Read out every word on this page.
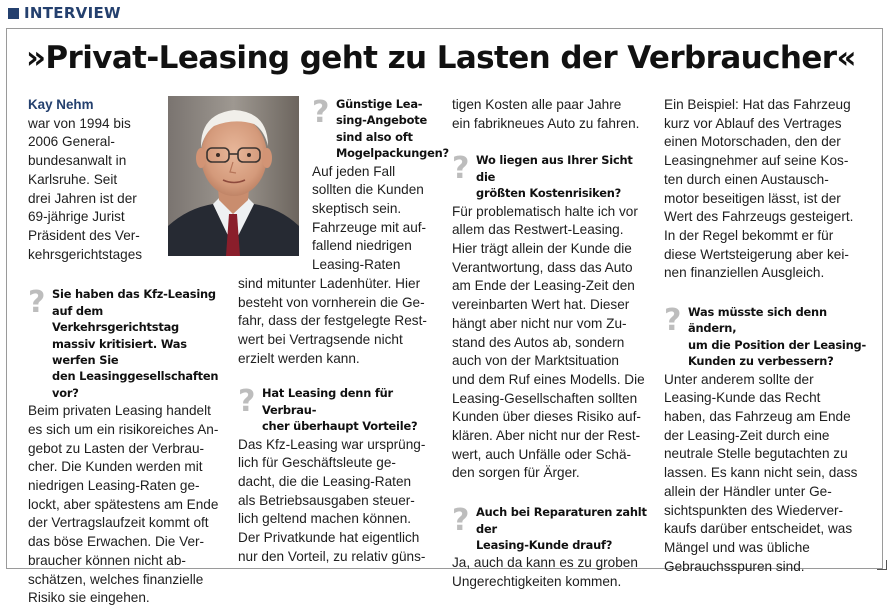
INTERVIEW
»Privat-Leasing geht zu Lasten der Verbraucher«

Kay Nehm

war von 1994 bis
2006 General-
bundesanwalt in
Karlsruhe. Seit
drei Jahren ist der
69-jährige Jurist
Präsident des Ver-
kehrsgerichtstages
? Sie haben das Kfz-Leasing
auf dem Verkehrsgerichtstag
massiv kritisiert. Was werfen Sie
den Leasinggesellschaften vor?
Beim privaten Leasing handelt
es sich um ein risikoreiches An-
gebot zu Lasten der Verbrau-
cher. Die Kunden werden mit
niedrigen Leasing-Raten ge-
lockt, aber spätestens am Ende
der Vertragslaufzeit kommt oft
das böse Erwachen. Die Ver-
braucher können nicht ab-
schätzen, welches finanzielle
Risiko sie eingehen.
? Günstige Lea-
sing-Angebote
sind also oft
Mogelpackungen?
Auf jeden Fall
sollten die Kunden
skeptisch sein.
Fahrzeuge mit auf-
fallend niedrigen
Leasing-Raten
sind mitunter Ladenhüter. Hier
besteht von vornherein die Ge-
fahr, dass der festgelegte Rest-
wert bei Vertragsende nicht
erzielt werden kann.
? Hat Leasing denn für Verbrau-
cher überhaupt Vorteile?
Das Kfz-Leasing war ursprüng-
lich für Geschäftsleute ge-
dacht, die die Leasing-Raten
als Betriebsausgaben steuer-
lich geltend machen können.
Der Privatkunde hat eigentlich
nur den Vorteil, zu relativ güns-
tigen Kosten alle paar Jahre
ein fabrikneues Auto zu fahren.
? Wo liegen aus Ihrer Sicht die
größten Kostenrisiken?
Für problematisch halte ich vor
allem das Restwert-Leasing.
Hier trägt allein der Kunde die
Verantwortung, dass das Auto
am Ende der Leasing-Zeit den
vereinbarten Wert hat. Dieser
hängt aber nicht nur vom Zu-
stand des Autos ab, sondern
auch von der Marktsituation
und dem Ruf eines Modells. Die
Leasing-Gesellschaften sollten
Kunden über dieses Risiko auf-
klären. Aber nicht nur der Rest-
wert, auch Unfälle oder Schä-
den sorgen für Ärger.
? Auch bei Reparaturen zahlt der
Leasing-Kunde drauf?
Ja, auch da kann es zu groben
Ungerechtigkeiten kommen.
Ein Beispiel: Hat das Fahrzeug
kurz vor Ablauf des Vertrages
einen Motorschaden, den der
Leasingnehmer auf seine Kos-
ten durch einen Austausch-
motor beseitigen lässt, ist der
Wert des Fahrzeugs gesteigert.
In der Regel bekommt er für
diese Wertsteigerung aber kei-
nen finanziellen Ausgleich.
? Was müsste sich denn ändern,
um die Position der Leasing-
Kunden zu verbessern?
Unter anderem sollte der
Leasing-Kunde das Recht
haben, das Fahrzeug am Ende
der Leasing-Zeit durch eine
neutrale Stelle begutachten zu
lassen. Es kann nicht sein, dass
allein der Händler unter Ge-
sichtspunkten des Wiederver-
kaufs darüber entscheidet, was
Mängel und was übliche
Gebrauchsspuren sind.
